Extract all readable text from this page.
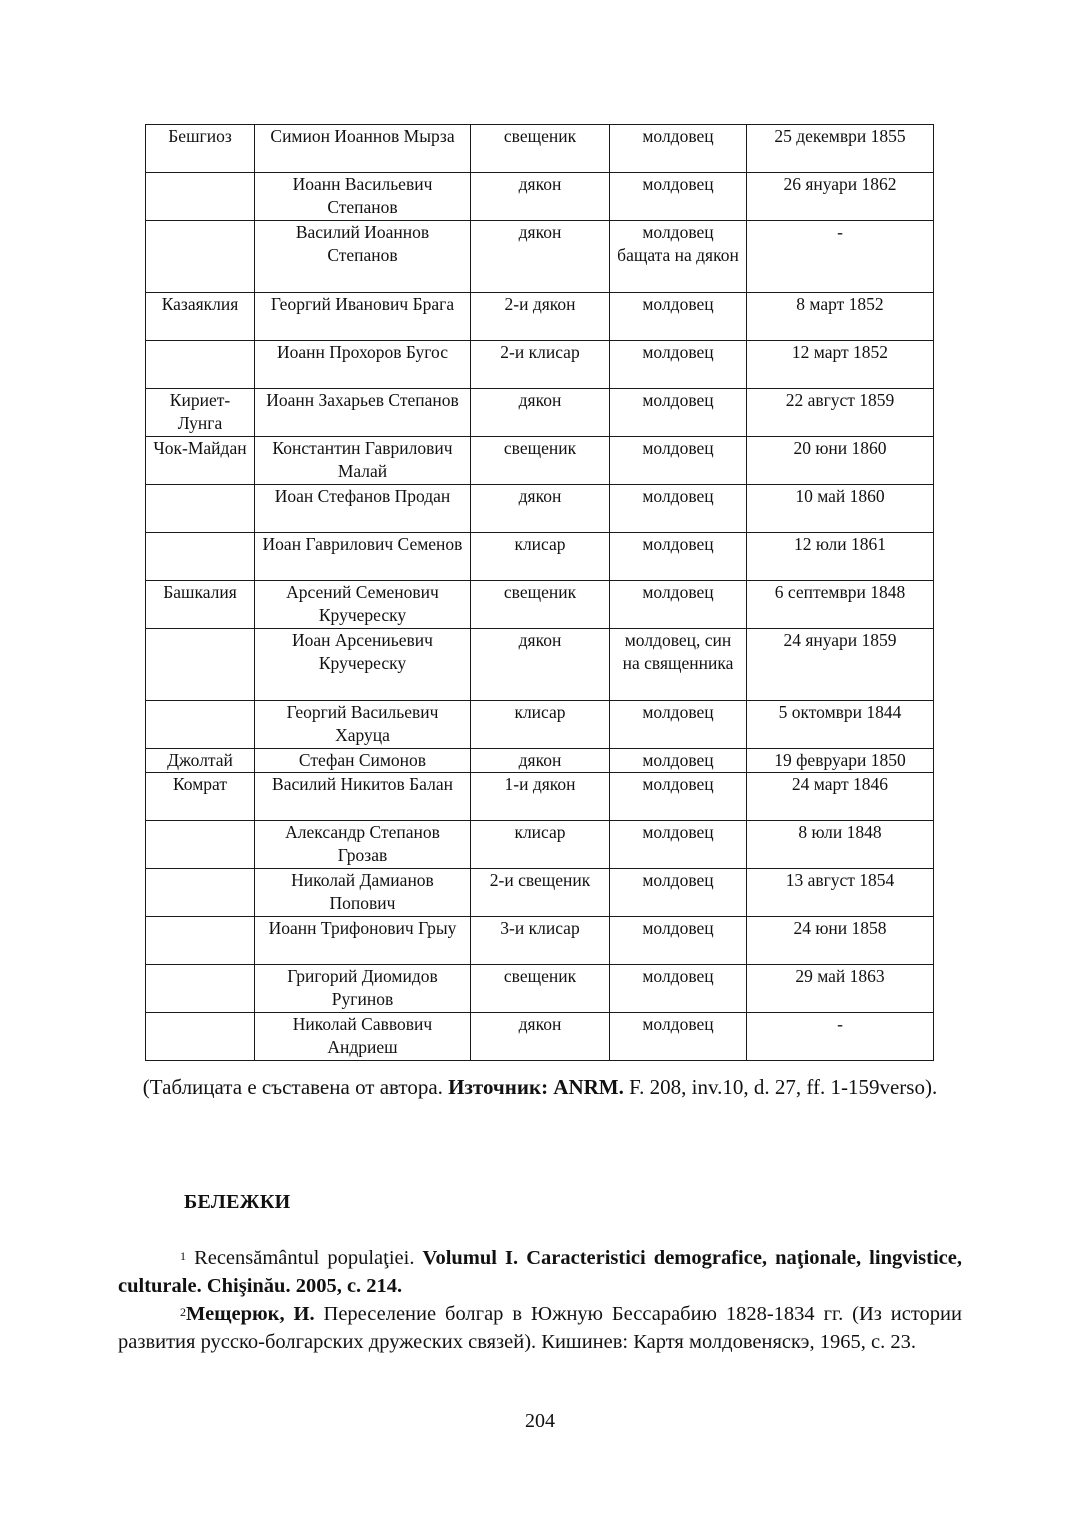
Бешгиоз	Симион Иоаннов Мырза	свещеник	молдовец	25 декември 1855
	Иоанн Васильевич Степанов	дякон	молдовец	26 януари 1862
	Василий Иоаннов Степанов	дякон	молдовец бащата на дякон	-
Казаяклия	Георгий Иванович Брага	2-и дякон	молдовец	8 март 1852
	Иоанн Прохоров Бугос	2-и клисар	молдовец	12 март 1852
Кириет-Лунга	Иоанн Захарьев Степанов	дякон	молдовец	22 август 1859
Чок-Майдан	Константин Гаврилович Малай	свещеник	молдовец	20 юни 1860
	Иоан Стефанов Продан	дякон	молдовец	10 май 1860
	Иоан Гаврилович Семенов	клисар	молдовец	12 юли 1861
Башкалия	Арсений Семенович Кручереску	свещеник	молдовец	6 септември 1848
	Иоан Арсениьевич Кручереску	дякон	молдовец, син на священника	24 януари 1859
	Георгий Васильевич Харуца	клисар	молдовец	5 октомври 1844
Джолтай	Стефан Симонов	дякон	молдовец	19 февруари 1850
Комрат	Василий Никитов Балан	1-и дякон	молдовец	24 март 1846
	Александр Степанов Грозав	клисар	молдовец	8 юли 1848
	Николай Дамианов Попович	2-и свещеник	молдовец	13 август 1854
	Иоанн Трифонович Грыу	3-и клисар	молдовец	24 юни 1858
	Григорий Диомидов Ругинов	свещеник	молдовец	29 май 1863
	Николай Саввович Андриеш	дякон	молдовец	-
(Таблицата е съставена от автора. Източник: ANRM. F. 208, inv.10, d. 27, ff. 1-159verso).
БЕЛЕЖКИ
$^1$ Recensământul populaţiei. Volumul I. Caracteristici demografice, naţionale, lingvistice, culturale. Chişinău. 2005, c. 214.
$^2$Мещерюк, И. Переселение болгар в Южную Бессарабию 1828-1834 гг. (Из истории развития русско-болгарских дружеских связей). Кишинев: Картя молдовеняскэ, 1965, с. 23.
204
